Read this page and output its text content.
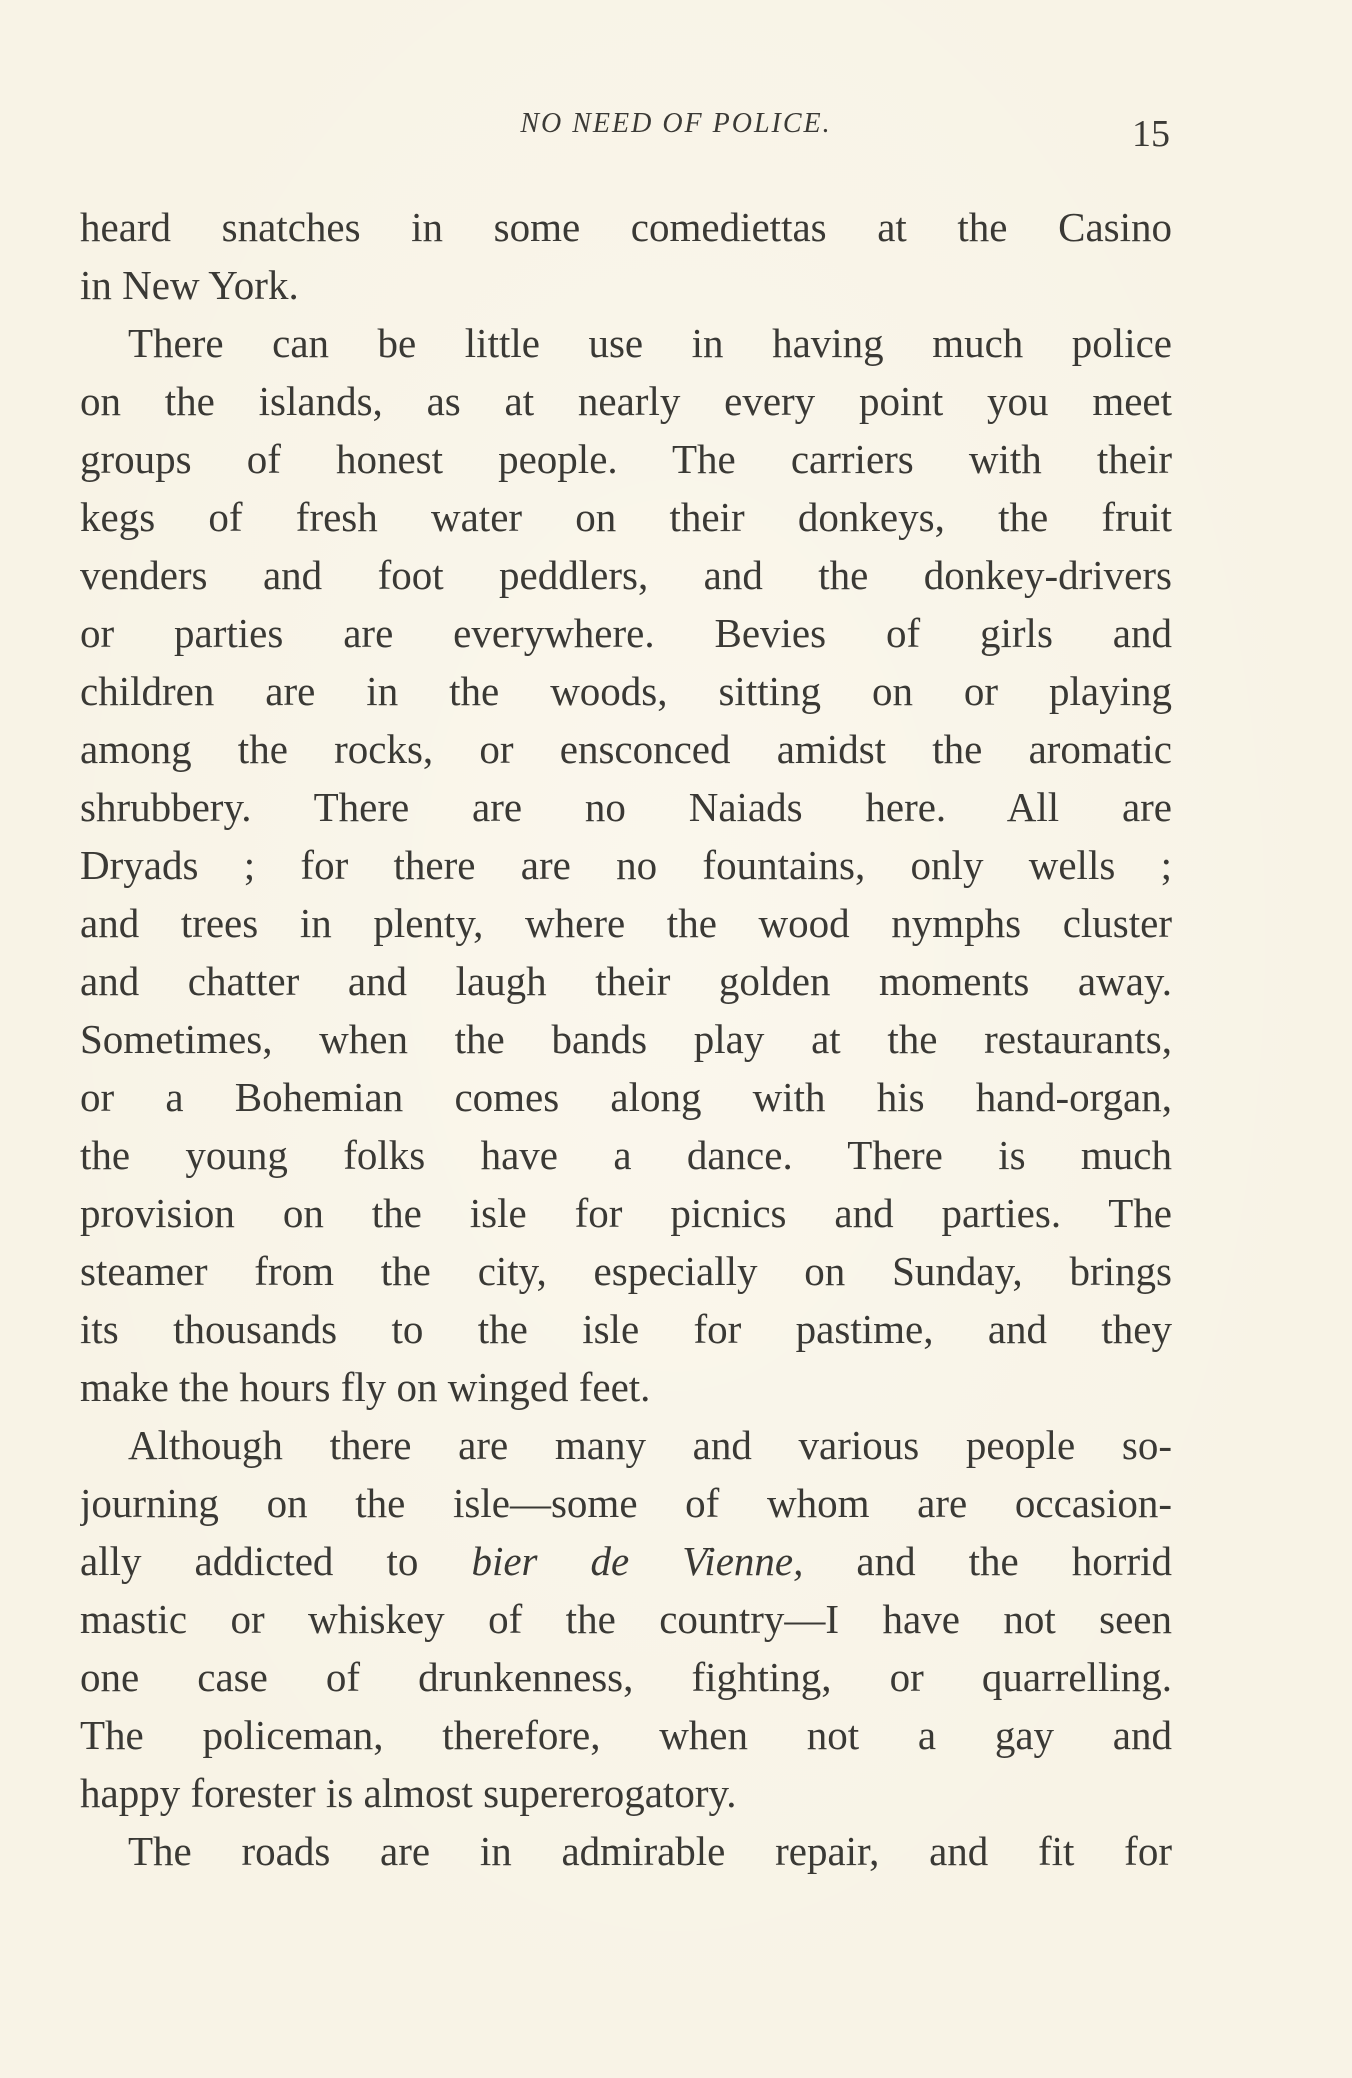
NO NEED OF POLICE.	15
heard snatches in some comediettas at the Casino
in New York.
There can be little use in having much police
on the islands, as at nearly every point you meet
groups of honest people. The carriers with their
kegs of fresh water on their donkeys, the fruit
venders and foot peddlers, and the donkey-drivers
or parties are everywhere. Bevies of girls and
children are in the woods, sitting on or playing
among the rocks, or ensconced amidst the aromatic
shrubbery. There are no Naiads here. All are
Dryads ; for there are no fountains, only wells ;
and trees in plenty, where the wood nymphs cluster
and chatter and laugh their golden moments away.
Sometimes, when the bands play at the restaurants,
or a Bohemian comes along with his hand-organ,
the young folks have a dance. There is much
provision on the isle for picnics and parties. The
steamer from the city, especially on Sunday, brings
its thousands to the isle for pastime, and they
make the hours fly on winged feet.
Although there are many and various people so-
journing on the isle—some of whom are occasion-
ally addicted to bier de Vienne, and the horrid
mastic or whiskey of the country—I have not seen
one case of drunkenness, fighting, or quarrelling.
The policeman, therefore, when not a gay and
happy forester is almost supererogatory.
The roads are in admirable repair, and fit for
